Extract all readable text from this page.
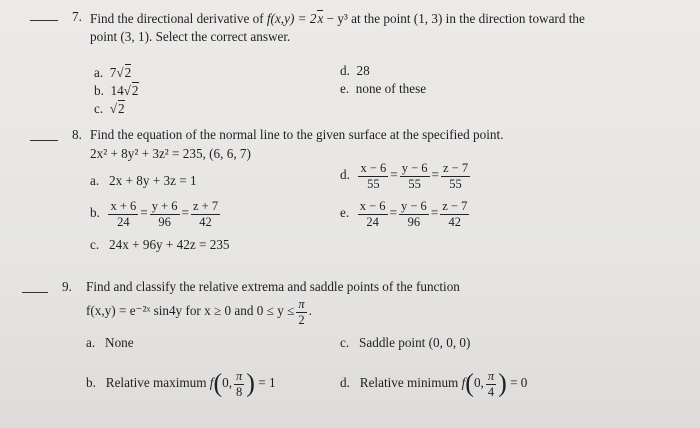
7. Find the directional derivative of f(x,y) = 2x − y³ at the point (1, 3) in the direction toward the
point (3, 1). Select the correct answer.
a. 7√2
b. 14√2
c. √2
d. 28
e. none of these
8. Find the equation of the normal line to the given surface at the specified point.
2x² + 8y² + 3z² = 235, (6, 6, 7)
a. 2x + 8y + 3z = 1
b. $\frac{x + 6}{24} = \frac{y + 6}{96} = \frac{z + 7}{42}$
c. 24x + 96y + 42z = 235
d. $\frac{x - 6}{55} = \frac{y - 6}{55} = \frac{z - 7}{55}$
e. $\frac{x - 6}{24} = \frac{y - 6}{96} = \frac{z - 7}{42}$
9. Find and classify the relative extrema and saddle points of the function
f(x,y) = e⁻²ˣ sin4y for x ≥ 0 and $0 \le y \le \frac{\pi}{2}$ .
a. None	c. Saddle point (0, 0, 0)
b. Relative maximum f(0, $\frac{\pi}{8}$ ) = 1	d. Relative minimum f(0, $\frac{\pi}{4}$ ) = 0
